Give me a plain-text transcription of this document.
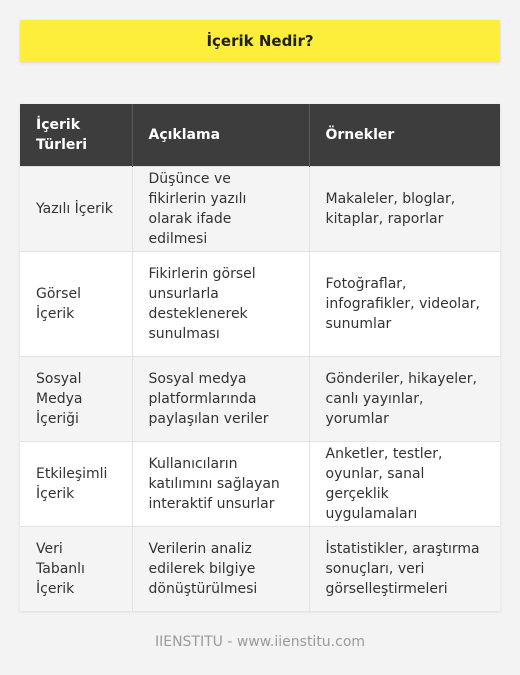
İçerik Nedir?
İçerik Türleri	Açıklama	Örnekler
Yazılı İçerik	Düşünce ve fikirlerin yazılı olarak ifade edilmesi	Makaleler, bloglar, kitaplar, raporlar
Görsel İçerik	Fikirlerin görsel unsurlarla desteklenerek sunulması	Fotoğraflar, infografikler, videolar, sunumlar
Sosyal Medya İçeriği	Sosyal medya platformlarında paylaşılan veriler	Gönderiler, hikayeler, canlı yayınlar, yorumlar
Etkileşimli İçerik	Kullanıcıların katılımını sağlayan interaktif unsurlar	Anketler, testler, oyunlar, sanal gerçeklik uygulamaları
Veri Tabanlı İçerik	Verilerin analiz edilerek bilgiye dönüştürülmesi	İstatistikler, araştırma sonuçları, veri görselleştirmeleri
IIENSTITU - www.iienstitu.com
